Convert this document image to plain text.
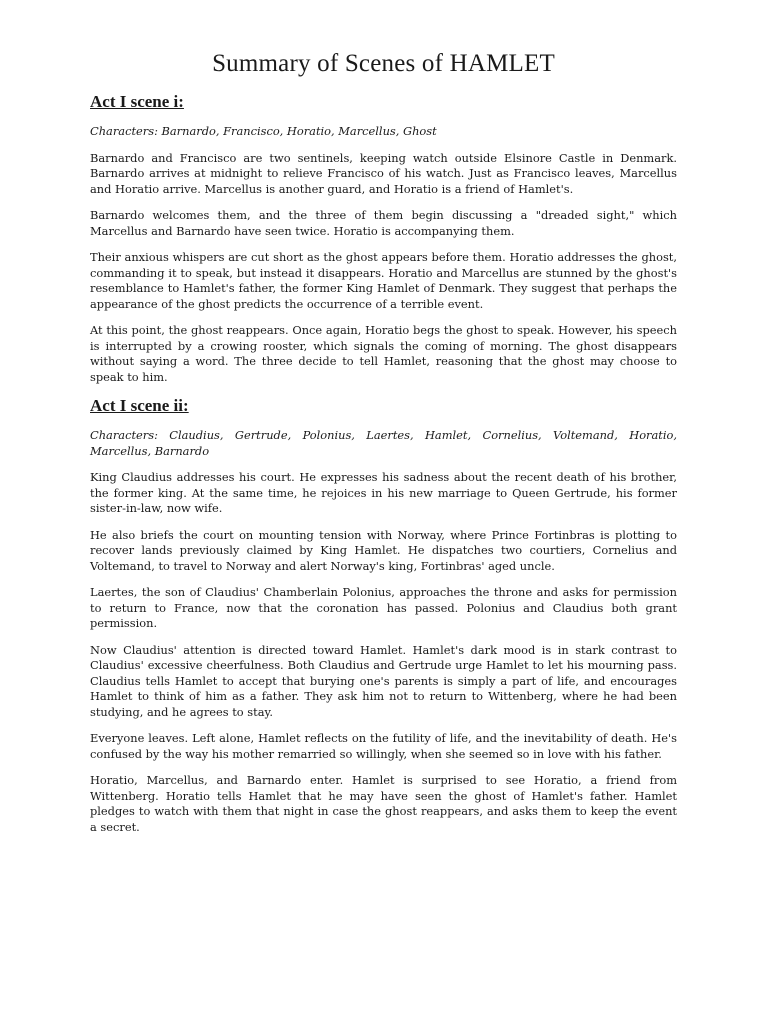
Summary of Scenes of HAMLET
Act I scene i:

Characters: Barnardo, Francisco, Horatio, Marcellus, Ghost

Barnardo and Francisco are two sentinels, keeping watch outside Elsinore Castle in Denmark. Barnardo arrives at midnight to relieve Francisco of his watch. Just as Francisco leaves, Marcellus and Horatio arrive. Marcellus is another guard, and Horatio is a friend of Hamlet's.

Barnardo welcomes them, and the three of them begin discussing a "dreaded sight," which Marcellus and Barnardo have seen twice. Horatio is accompanying them.

Their anxious whispers are cut short as the ghost appears before them. Horatio addresses the ghost, commanding it to speak, but instead it disappears. Horatio and Marcellus are stunned by the ghost's resemblance to Hamlet's father, the former King Hamlet of Denmark. They suggest that perhaps the appearance of the ghost predicts the occurrence of a terrible event.

At this point, the ghost reappears. Once again, Horatio begs the ghost to speak. However, his speech is interrupted by a crowing rooster, which signals the coming of morning. The ghost disappears without saying a word. The three decide to tell Hamlet, reasoning that the ghost may choose to speak to him.

Act I scene ii:

Characters: Claudius, Gertrude, Polonius, Laertes, Hamlet, Cornelius, Voltemand, Horatio, Marcellus, Barnardo

King Claudius addresses his court. He expresses his sadness about the recent death of his brother, the former king. At the same time, he rejoices in his new marriage to Queen Gertrude, his former sister-in-law, now wife.

He also briefs the court on mounting tension with Norway, where Prince Fortinbras is plotting to recover lands previously claimed by King Hamlet. He dispatches two courtiers, Cornelius and Voltemand, to travel to Norway and alert Norway's king, Fortinbras' aged uncle.

Laertes, the son of Claudius' Chamberlain Polonius, approaches the throne and asks for permission to return to France, now that the coronation has passed. Polonius and Claudius both grant permission.

Now Claudius' attention is directed toward Hamlet. Hamlet's dark mood is in stark contrast to Claudius' excessive cheerfulness. Both Claudius and Gertrude urge Hamlet to let his mourning pass. Claudius tells Hamlet to accept that burying one's parents is simply a part of life, and encourages Hamlet to think of him as a father. They ask him not to return to Wittenberg, where he had been studying, and he agrees to stay.

Everyone leaves. Left alone, Hamlet reflects on the futility of life, and the inevitability of death. He's confused by the way his mother remarried so willingly, when she seemed so in love with his father.

Horatio, Marcellus, and Barnardo enter. Hamlet is surprised to see Horatio, a friend from Wittenberg. Horatio tells Hamlet that he may have seen the ghost of Hamlet's father. Hamlet pledges to watch with them that night in case the ghost reappears, and asks them to keep the event a secret.
